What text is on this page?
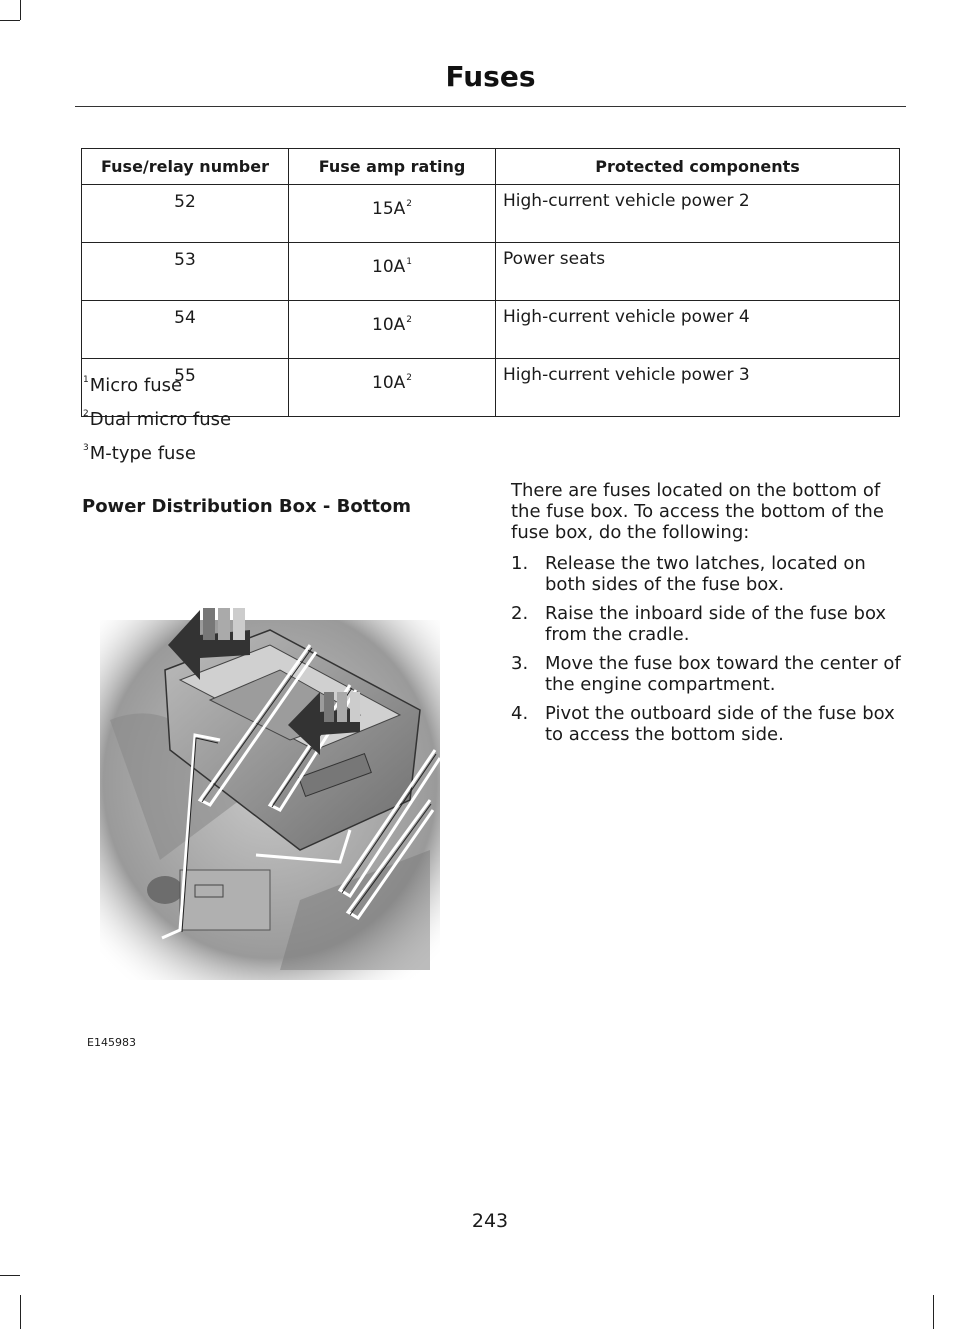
Fuses
Fuse/relay number	Fuse amp rating	Protected components
52	$15A^2$	High-current vehicle power 2
53	$10A^1$	Power seats
54	$10A^2$	High-current vehicle power 4
55	$10A^2$	High-current vehicle power 3
$^1$Micro fuse
$^2$Dual micro fuse
$^3$M-type fuse
Power Distribution Box - Bottom
E145983

There are fuses located on the bottom of the fuse box. To access the bottom of the fuse box, do the following:

1. Release the two latches, located on both sides of the fuse box.
2. Raise the inboard side of the fuse box from the cradle.
3. Move the fuse box toward the center of the engine compartment.
4. Pivot the outboard side of the fuse box to access the bottom side.
243
